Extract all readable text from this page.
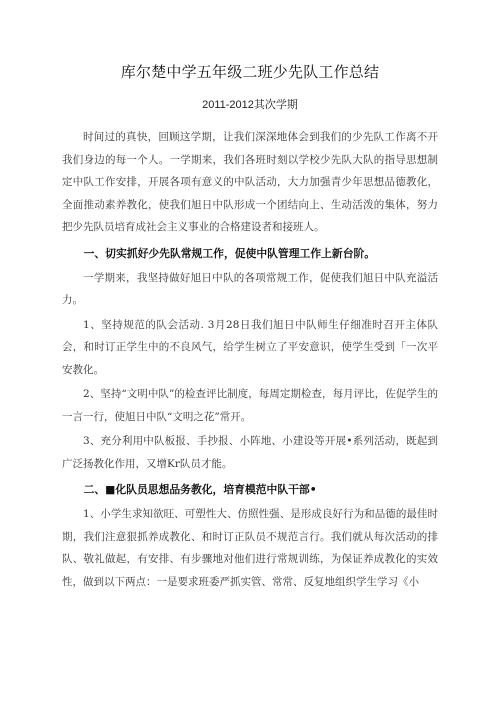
库尔楚中学五年级二班少先队工作总结
2011-2012其次学期

时间过的真快，回顾这学期，让我们深深地体会到我们的少先队工作离不开我们身边的每一个人。一学期来，我们各班时刻以学校少先队大队的指导思想制定中队工作安排，开展各项有意义的中队活动，大力加强青少年思想品德教化，全面推动素养教化，使我们旭日中队形成一个团结向上、生动活泼的集体，努力把少先队员培育成社会主义事业的合格建设者和接班人。

一、切实抓好少先队常规工作，促使中队管理工作上新台阶。

一学期来，我坚持做好旭日中队的各项常规工作，促使我们旭日中队充溢活力。

1、坚持规范的队会活动. 3月28日我们旭日中队师生仔细准时召开主体队会，和时订正学生中的不良风气，给学生树立了平安意识，使学生受到「一次平安教化。

2、坚持“文明中队”的检查评比制度，每周定期检查，每月评比，佐促学生的一言一行，使旭日中队“文明之花”常开。

3、充分利用中队板报、手抄报、小阵地、小建设等开展•系列活动，既起到广泛扬教化作用，又增Kr队员才能。

二、■化队员思想品务教化，培育模范中队干部•

1、小学生求知欲旺、可塑性大、仿照性强、是形成良好行为和品德的最佳时期，我们注意狠抓养成教化、和时订正队员不规范言行。我们就从每次活动的排队、敬礼做起，有安排、有步骤地对他们进行常规训练，为保证养成教化的实效性，做到以下两点：一是要求班委严抓实管、常常、反复地组织学生学习《小
